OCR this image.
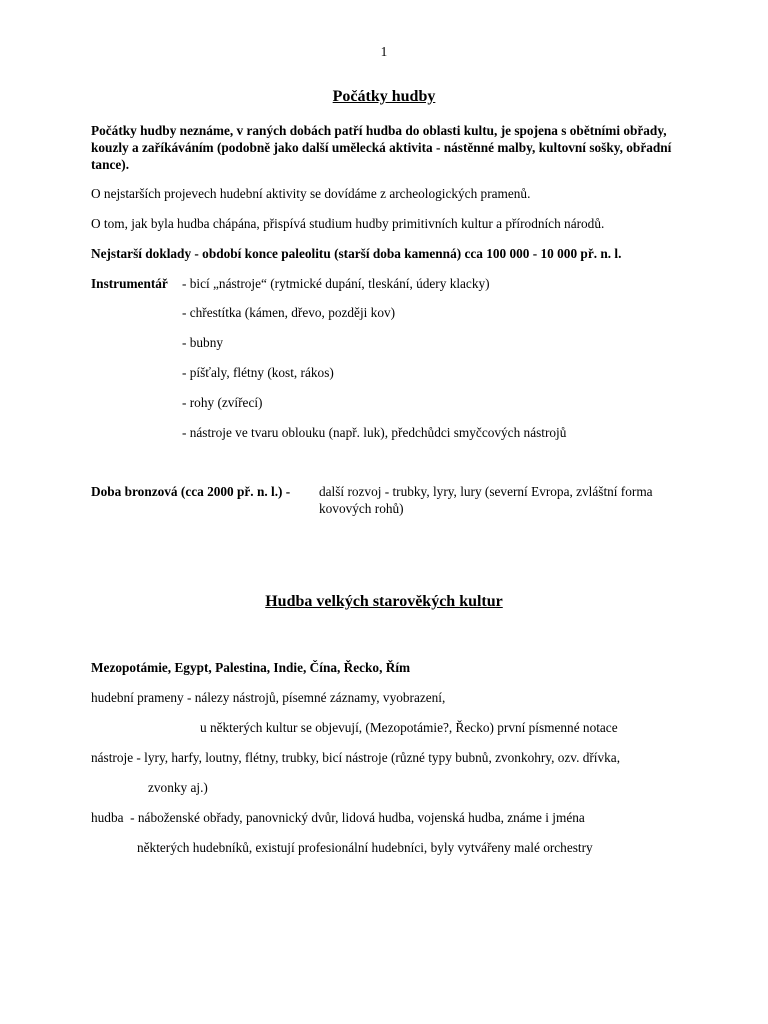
1
Počátky hudby
Počátky hudby neznáme, v raných dobách patří hudba do oblasti kultu, je spojena s obětními obřady, kouzly a zaříkáváním (podobně jako další umělecká aktivita - nástěnné malby, kultovní sošky, obřadní tance).
O nejstarších projevech hudební aktivity se dovídáme z archeologických pramenů.
O tom, jak byla hudba chápána, přispívá studium hudby primitivních kultur a přírodních národů.
Nejstarší doklady - období konce paleolitu (starší doba kamenná) cca 100 000 - 10 000 př. n. l.
Instrumentář - bicí „nástroje“ (rytmické dupání, tleskání, údery klacky)
- chřestítka (kámen, dřevo, později kov)
- bubny
- píšťaly, flétny (kost, rákos)
- rohy (zvířecí)
- nástroje ve tvaru oblouku (např. luk), předchůdci smyčcových nástrojů
Doba bronzová (cca 2000 př. n. l.) - další rozvoj - trubky, lyry, lury (severní Evropa, zvláštní forma kovových rohů)
Hudba velkých starověkých kultur
Mezopotámie, Egypt, Palestina, Indie, Čína, Řecko, Řím
hudební prameny - nálezy nástrojů, písemné záznamy, vyobrazení,
u některých kultur se objevují, (Mezopotámie?, Řecko) první písmenné notace
nástroje - lyry, harfy, loutny, flétny, trubky, bicí nástroje (různé typy bubnů, zvonkohry, ozv. dřívka,
zvonky aj.)
hudba  - náboženské obřady, panovnický dvůr, lidová hudba, vojenská hudba, známe i jména
některých hudebníků, existují profesionální hudebníci, byly vytvářeny malé orchestry
